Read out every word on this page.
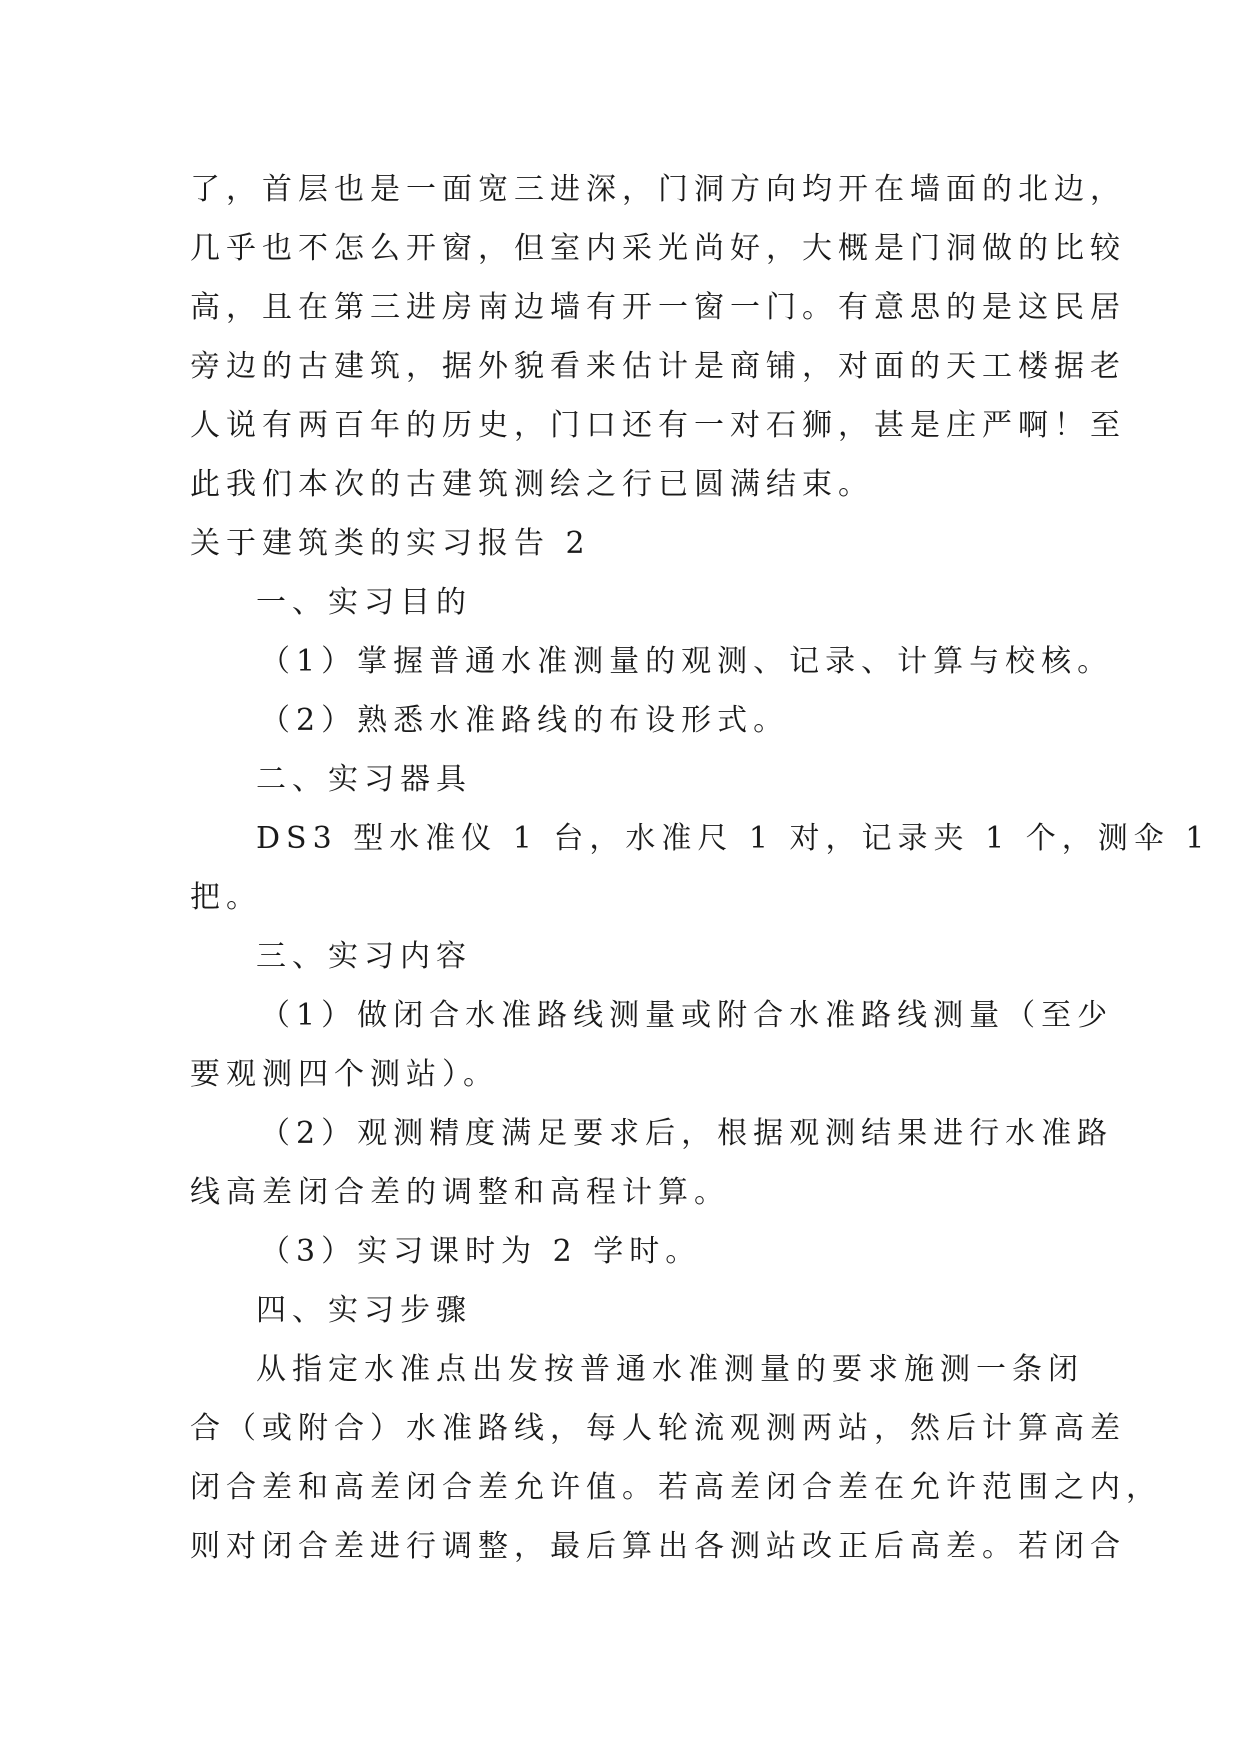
了，首层也是一面宽三进深，门洞方向均开在墙面的北边，
几乎也不怎么开窗，但室内采光尚好，大概是门洞做的比较
高，且在第三进房南边墙有开一窗一门。有意思的是这民居
旁边的古建筑，据外貌看来估计是商铺，对面的天工楼据老
人说有两百年的历史，门口还有一对石狮，甚是庄严啊！至
此我们本次的古建筑测绘之行已圆满结束。
关于建筑类的实习报告 2
一、实习目的
（1）掌握普通水准测量的观测、记录、计算与校核。
（2）熟悉水准路线的布设形式。
二、实习器具
DS3 型水准仪 1 台，水准尺 1 对，记录夹 1 个，测伞 1
把。
三、实习内容
（1）做闭合水准路线测量或附合水准路线测量（至少
要观测四个测站）。
（2）观测精度满足要求后，根据观测结果进行水准路
线高差闭合差的调整和高程计算。
（3）实习课时为 2 学时。
四、实习步骤
从指定水准点出发按普通水准测量的要求施测一条闭
合（或附合）水准路线，每人轮流观测两站，然后计算高差
闭合差和高差闭合差允许值。若高差闭合差在允许范围之内，
则对闭合差进行调整，最后算出各测站改正后高差。若闭合
